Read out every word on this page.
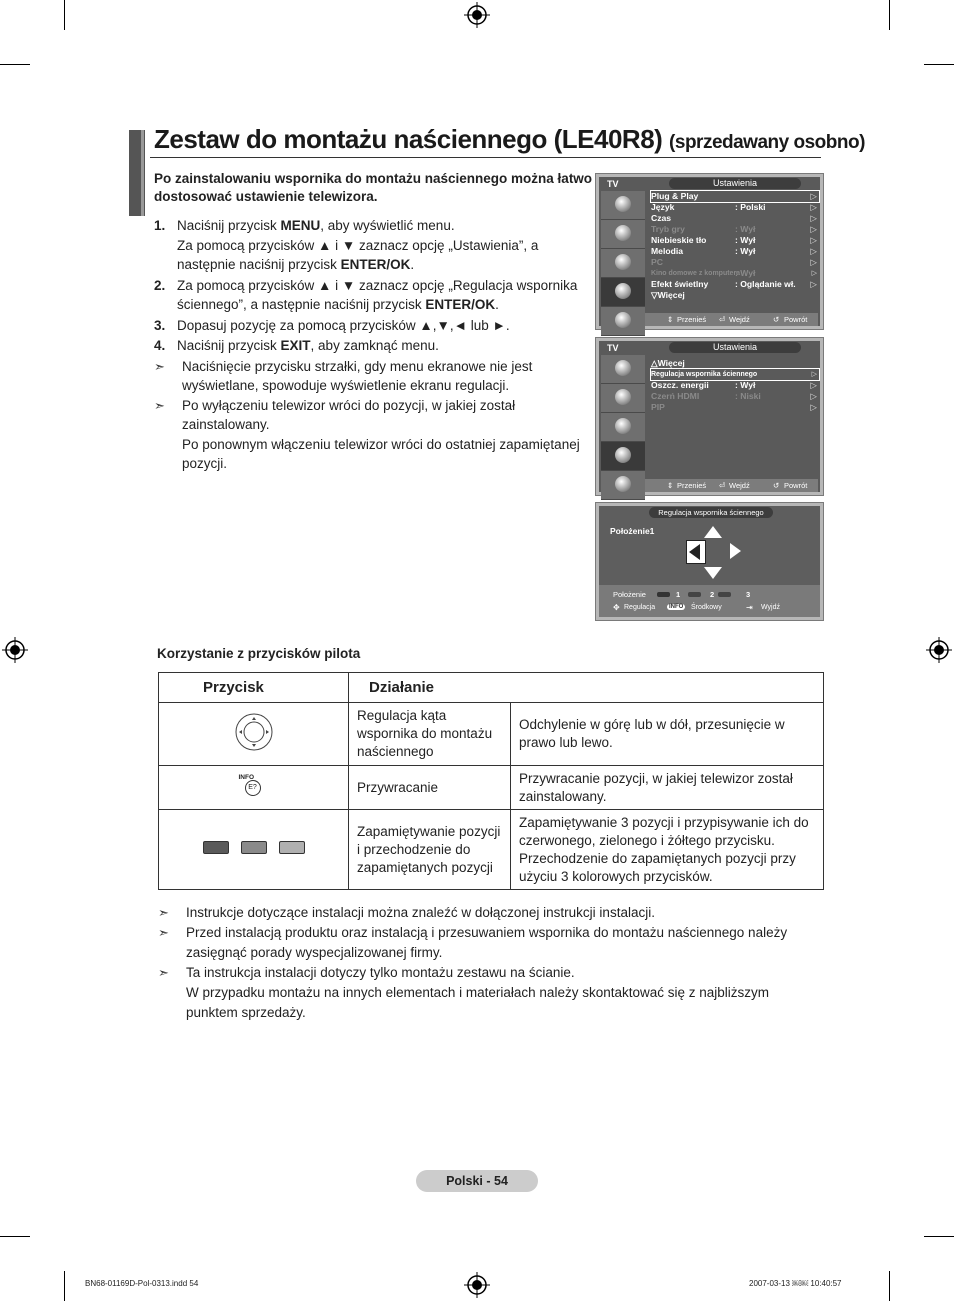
Zestaw do montażu naściennego (LE40R8) (sprzedawany osobno)
Po zainstalowaniu wspornika do montażu naściennego można łatwo dostosować ustawienie telewizora.
1. Naciśnij przycisk MENU, aby wyświetlić menu.
Za pomocą przycisków ▲ i ▼ zaznacz opcję „Ustawienia”, a następnie naciśnij przycisk ENTER/OK.
2. Za pomocą przycisków ▲ i ▼ zaznacz opcję „Regulacja wspornika ściennego”, a następnie naciśnij przycisk ENTER/OK.
3. Dopasuj pozycję za pomocą przycisków ▲,▼,◄ lub ►.
4. Naciśnij przycisk EXIT, aby zamknąć menu.
➣ Naciśnięcie przycisku strzałki, gdy menu ekranowe nie jest wyświetlane, spowoduje wyświetlenie ekranu regulacji.
➣ Po wyłączeniu telewizor wróci do pozycji, w jakiej został zainstalowany.
Po ponownym włączeniu telewizor wróci do ostatniej zapamiętanej pozycji.
TV	Ustawienia
Plug & Play	▷
Język	: Polski	▷
Czas	▷
Tryb gry	: Wył	▷
Niebieskie tło	: Wył	▷
Melodia	: Wył	▷
PC	▷
Kino domowe z komputera
: Wył	▷
Efekt świetlny	: Oglądanie wł. ▷
▽Więcej
⇕ Przenieś ⏎ Wejdź	↺ Powrót
TV	Ustawienia
△Więcej
Regulacja wspornika ściennego	▷
Oszcz. energii	: Wył	▷
Czerń HDMI	: Niski	▷
PIP	▷
⇕ Przenieś ⏎ Wejdź	↺ Powrót
Regulacja wspornika ściennego
Położenie1
Położenie	1	2	3
✥ Regulacja	INFO Środkowy	⇥ Wyjdź
Korzystanie z przycisków pilota
Przycisk	Działanie	
	Regulacja kąta wspornika do montażu naściennego	Odchylenie w górę lub w dół, przesunięcie w prawo lub lewo.

INFO
E?	Przywracanie	Przywracanie pozycji, w jakiej telewizor został zainstalowany.
	Zapamiętywanie pozycji i przechodzenie do zapamiętanych pozycji	Zapamiętywanie 3 pozycji i przypisywanie ich do czerwonego, zielonego i żółtego przycisku. Przechodzenie do zapamiętanych pozycji przy użyciu 3 kolorowych przycisków.
➣ Instrukcje dotyczące instalacji można znaleźć w dołączonej instrukcji instalacji.
➣ Przed instalacją produktu oraz instalacją i przesuwaniem wspornika do montażu naściennego należy zasięgnąć porady wyspecjalizowanej firmy.
➣ Ta instrukcja instalacji dotyczy tylko montażu zestawu na ścianie.
W przypadku montażu na innych elementach i materiałach należy skontaktować się z najbliższym punktem sprzedaży.
Polski - 54
BN68-01169D-Pol-0313.indd 54	2007-03-13 ￼￼ 10:40:57
